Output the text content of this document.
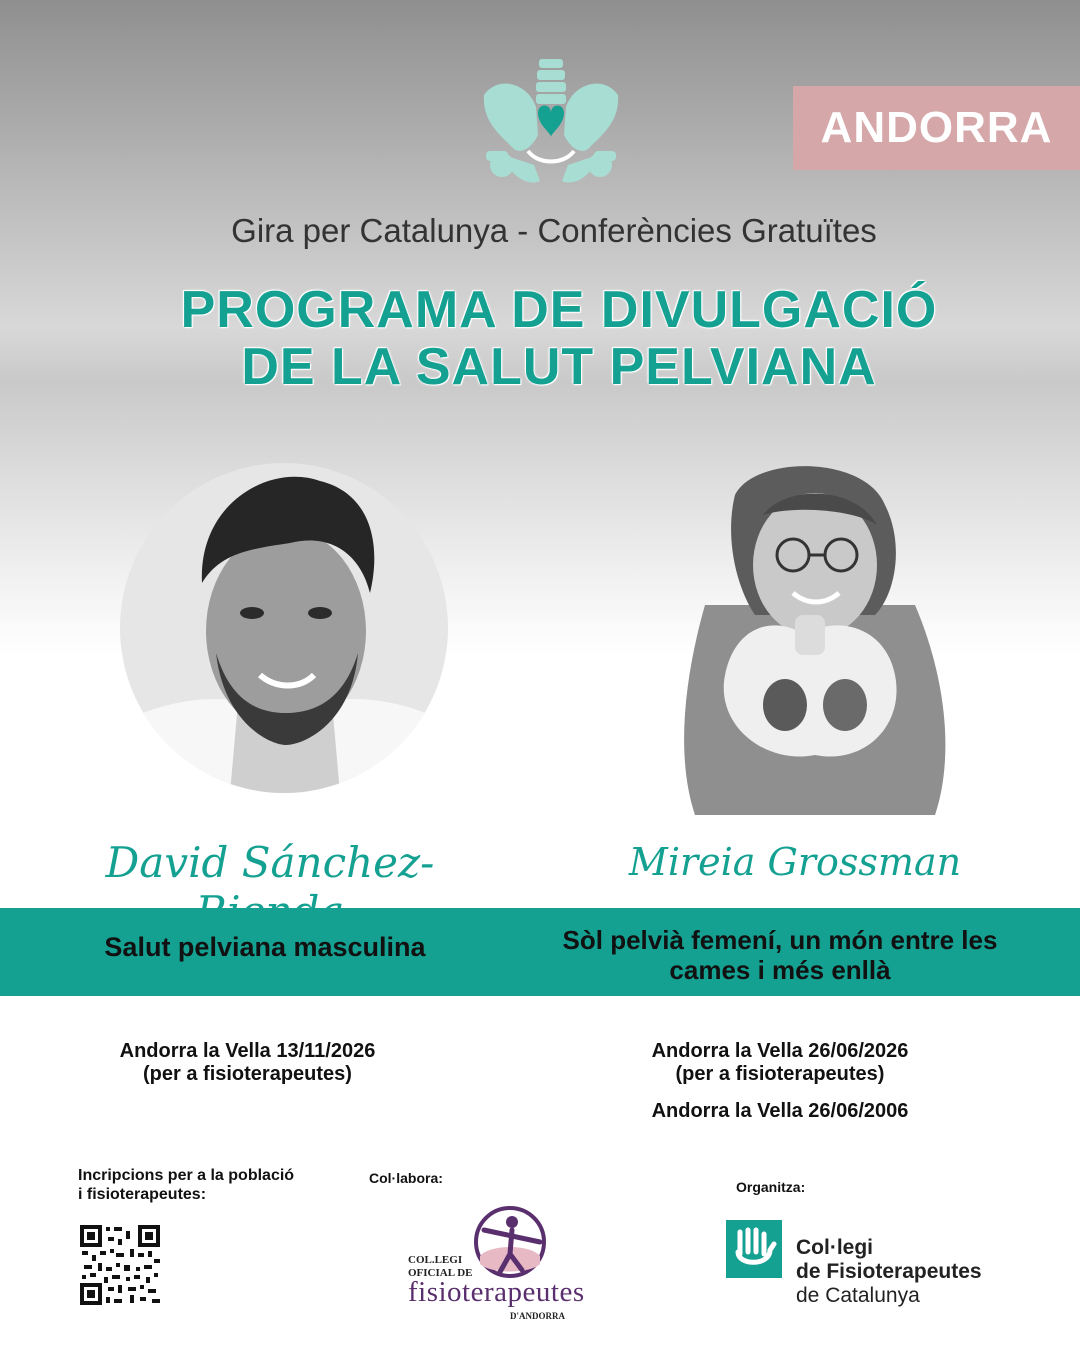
ANDORRA
Gira per Catalunya - Conferències Gratuïtes
PROGRAMA DE DIVULGACIÓ
DE LA SALUT PELVIANA
David Sánchez-	Mireia Grossman
Salut pelviana masculina	Sòl pelvià femení, un món entre les
cames i més enllà
Andorra la Vella 13/11/2026
(per a fisioterapeutes)
Andorra la Vella 26/06/2026
(per a fisioterapeutes)
Andorra la Vella 26/06/2006
Incripcions per a la població
i fisioterapeutes:
Col·labora:
Organitza:
COL.LEGI
OFICIAL DE
fisioterapeutes
D'ANDORRA
Col·legi
de Fisioterapeutes
de Catalunya
